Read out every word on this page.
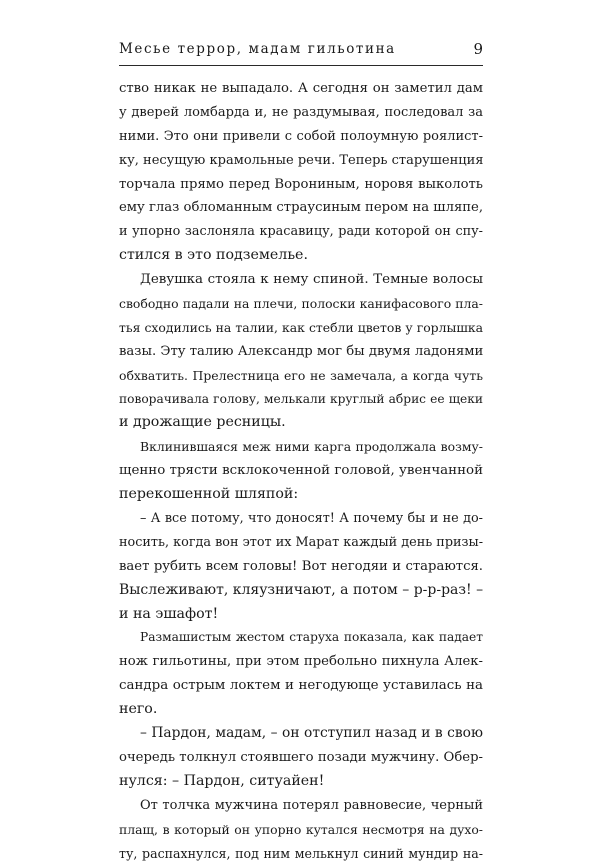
Месье террор, мадам гильотина	9
ство никак не выпадало. А сегодня он заметил дам
у дверей ломбарда и, не раздумывая, последовал за
ними. Это они привели с собой полоумную роялист-
ку, несущую крамольные речи. Теперь старушенция
торчала прямо перед Ворониным, норовя выколоть
ему глаз обломанным страусиным пером на шляпе,
и упорно заслоняла красавицу, ради которой он спу-
стился в это подземелье.
Девушка стояла к нему спиной. Темные волосы
свободно падали на плечи, полоски канифасового пла-
тья сходились на талии, как стебли цветов у горлышка
вазы. Эту талию Александр мог бы двумя ладонями
обхватить. Прелестница его не замечала, а когда чуть
поворачивала голову, мелькали круглый абрис ее щеки
и дрожащие ресницы.
Вклинившаяся меж ними карга продолжала возму-
щенно трясти всклокоченной головой, увенчанной
перекошенной шляпой:
– А все потому, что доносят! А почему бы и не до-
носить, когда вон этот их Марат каждый день призы-
вает рубить всем головы! Вот негодяи и стараются.
Выслеживают, кляузничают, а потом – р-р-раз! –
и на эшафот!
Размашистым жестом старуха показала, как падает
нож гильотины, при этом пребольно пихнула Алек-
сандра острым локтем и негодующе уставилась на
него.
– Пардон, мадам, – он отступил назад и в свою
очередь толкнул стоявшего позади мужчину. Обер-
нулся: – Пардон, ситуайен!
От толчка мужчина потерял равновесие, черный
плащ, в который он упорно кутался несмотря на духо-
ту, распахнулся, под ним мелькнул синий мундир на-
